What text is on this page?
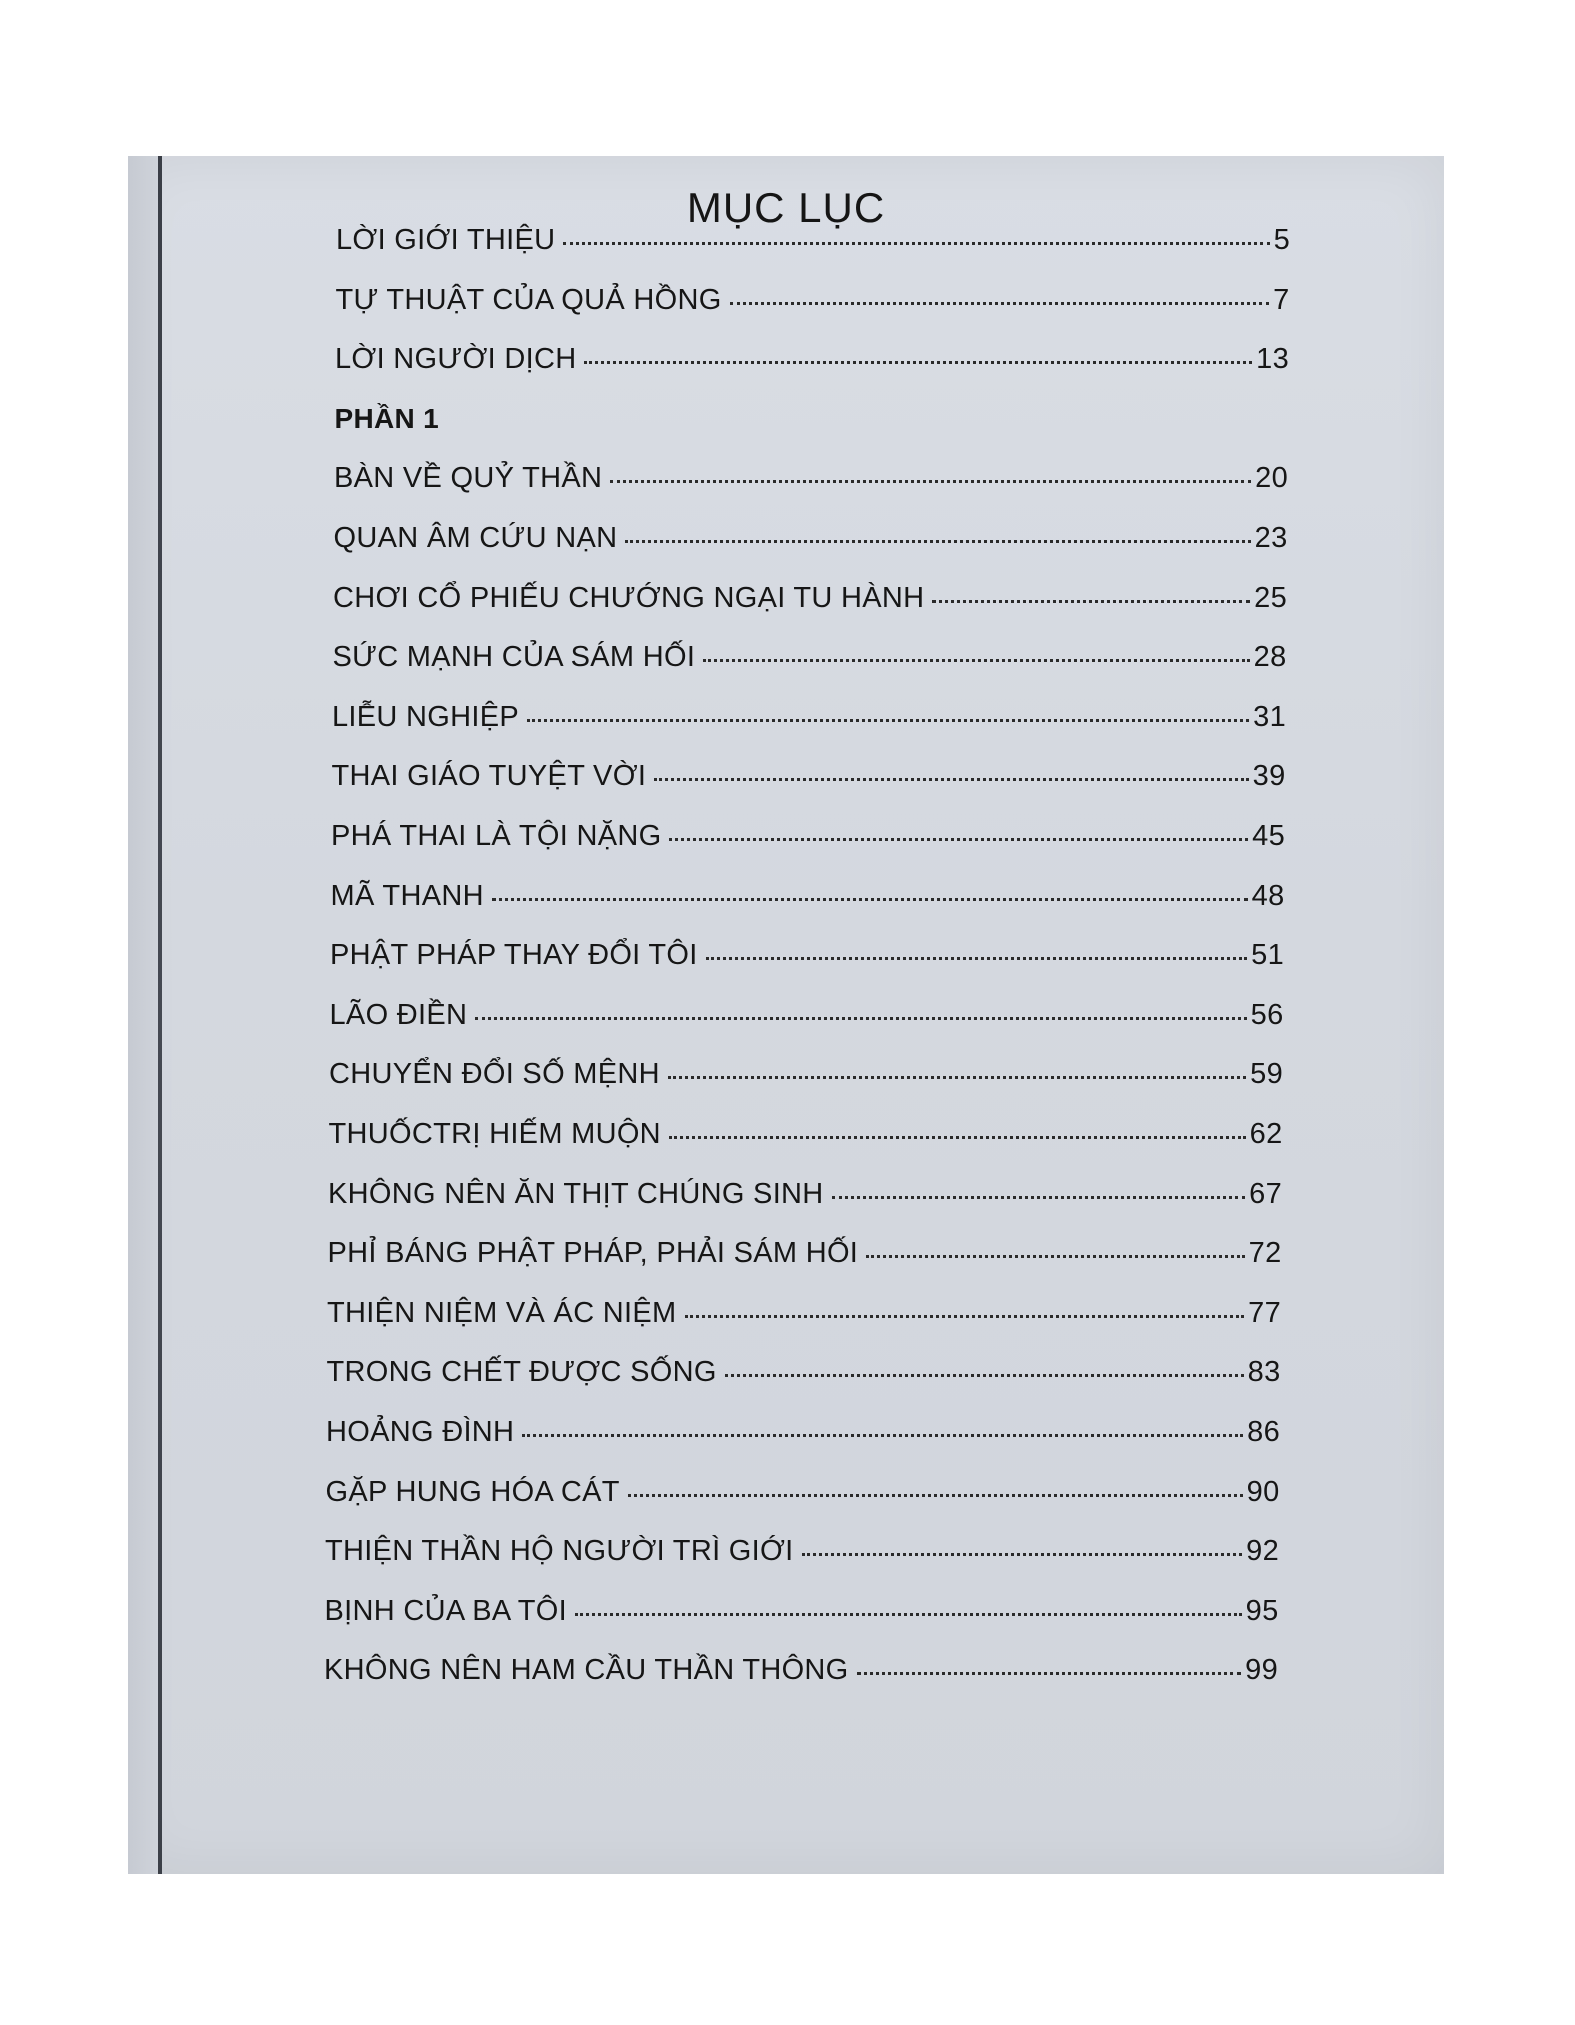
MỤC LỤC
LỜI GIỚI THIỆU	5
TỰ THUẬT CỦA QUẢ HỒNG	7
LỜI NGƯỜI DỊCH	13
PHẦN 1
BÀN VỀ QUỶ THẦN	20
QUAN ÂM CỨU NẠN	23
CHƠI CỔ PHIẾU CHƯỚNG NGẠI TU HÀNH	25
SỨC MẠNH CỦA SÁM HỐI	28
LIỄU NGHIỆP	31
THAI GIÁO TUYỆT VỜI	39
PHÁ THAI LÀ TỘI NẶNG	45
MÃ THANH	48
PHẬT PHÁP THAY ĐỔI TÔI	51
LÃO ĐIỀN	56
CHUYỂN ĐỔI SỐ MỆNH	59
THUỐCTRỊ HIẾM MUỘN	62
KHÔNG NÊN ĂN THỊT CHÚNG SINH	67
PHỈ BÁNG PHẬT PHÁP, PHẢI SÁM HỐI	72
THIỆN NIỆM VÀ ÁC NIỆM	77
TRONG CHẾT ĐƯỢC SỐNG	83
HOẢNG ĐÌNH	86
GẶP HUNG HÓA CÁT	90
THIỆN THẦN HỘ NGƯỜI TRÌ GIỚI	92
BỊNH CỦA BA TÔI	95
KHÔNG NÊN HAM CẦU THẦN THÔNG	99
